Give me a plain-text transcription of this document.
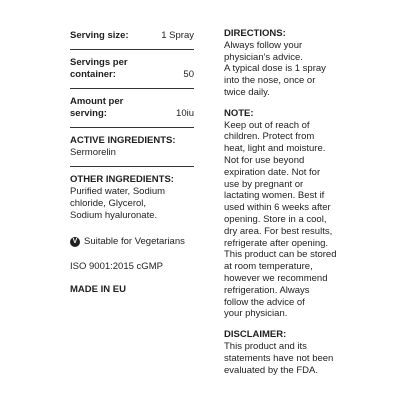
Serving size:	1 Spray
Servings per
container:	50
Amount per
serving:	10iu
ACTIVE INGREDIENTS:
Sermorelin
OTHER INGREDIENTS:
Purified water, Sodium
chloride, Glycerol,
Sodium hyaluronate.
V Suitable for Vegetarians
ISO 9001:2015 cGMP
MADE IN EU
DIRECTIONS:
Always follow your
physician's advice.
A typical dose is 1 spray
into the nose, once or
twice daily.
NOTE:
Keep out of reach of
children. Protect from
heat, light and moisture.
Not for use beyond
expiration date. Not for
use by pregnant or
lactating women. Best if
used within 6 weeks after
opening. Store in a cool,
dry area. For best results,
refrigerate after opening.
This product can be stored
at room temperature,
however we recommend
refrigeration. Always
follow the advice of
your physician.
DISCLAIMER:
This product and its
statements have not been
evaluated by the FDA.
